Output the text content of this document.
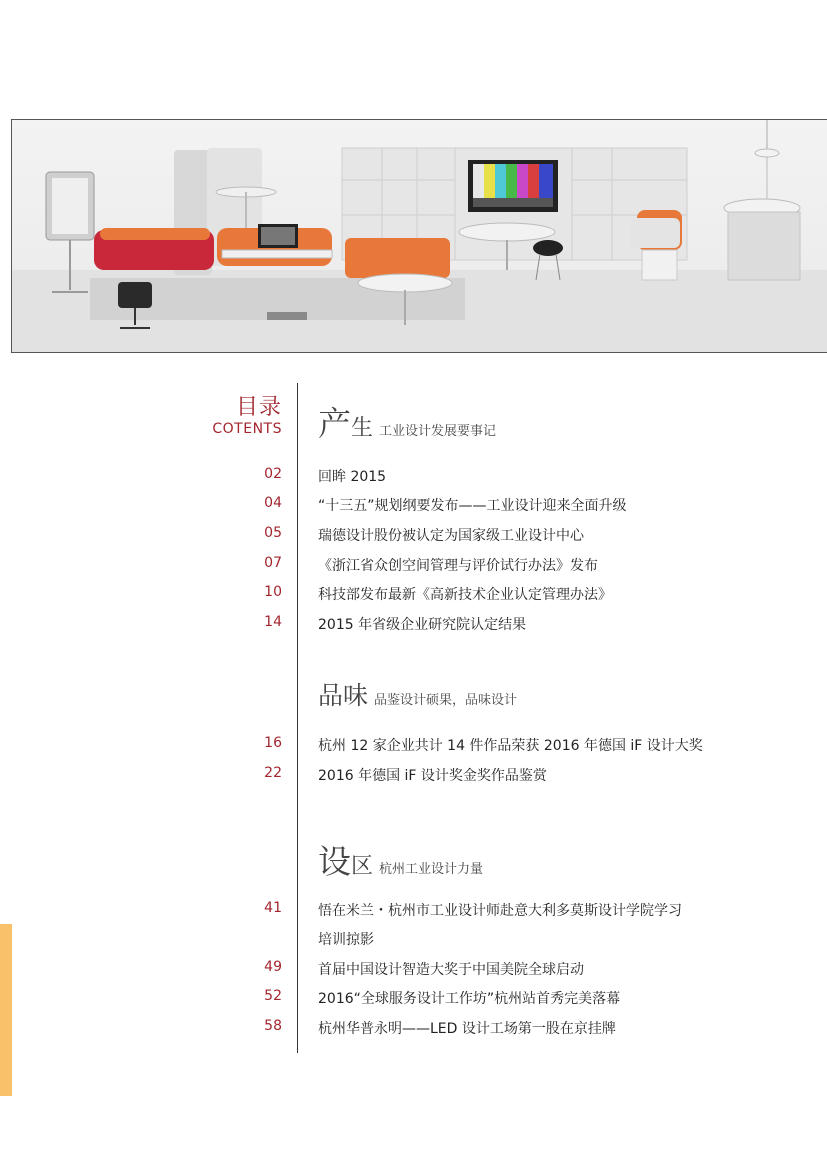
目录
COTENTS 产生 工业设计发展要事记
02	回眸 2015
04	“十三五”规划纲要发布——工业设计迎来全面升级
05	瑞德设计股份被认定为国家级工业设计中心
07	《浙江省众创空间管理与评价试行办法》发布
10	科技部发布最新《高新技术企业认定管理办法》
14	2015 年省级企业研究院认定结果
品味 品鉴设计硕果，品味设计
16	杭州 12 家企业共计 14 件作品荣获 2016 年德国 iF 设计大奖
22	2016 年德国 iF 设计奖金奖作品鉴赏
设区 杭州工业设计力量
41	悟在米兰・杭州市工业设计师赴意大利多莫斯设计学院学习
培训掠影
49	首届中国设计智造大奖于中国美院全球启动
52	2016“全球服务设计工作坊”杭州站首秀完美落幕
58	杭州华普永明——LED 设计工场第一股在京挂牌
